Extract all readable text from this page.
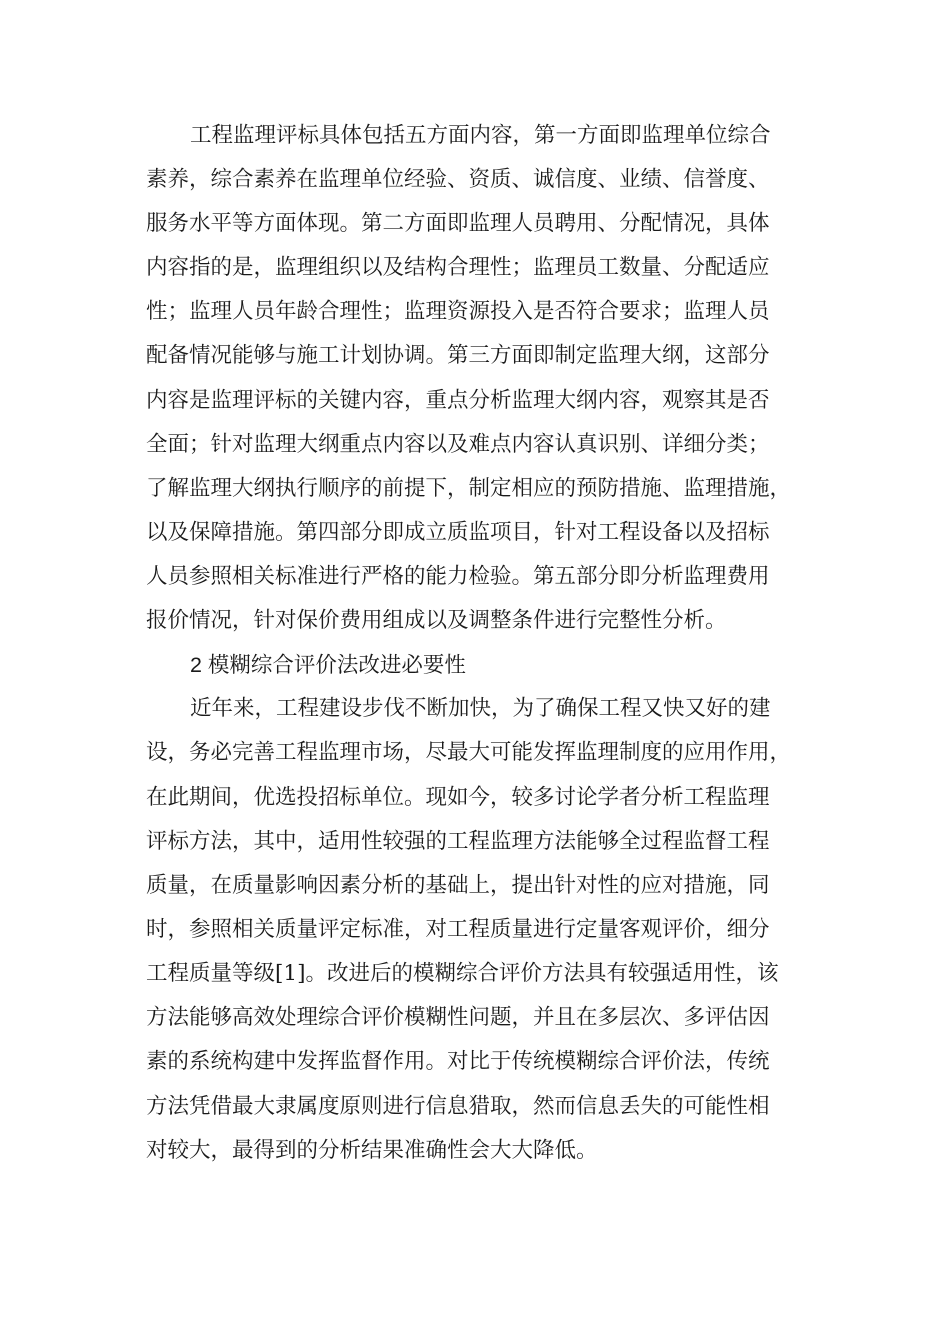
工程监理评标具体包括五方面内容，第一方面即监理单位综合

素养，综合素养在监理单位经验、资质、诚信度、业绩、信誉度、

服务水平等方面体现。第二方面即监理人员聘用、分配情况，具体

内容指的是，监理组织以及结构合理性；监理员工数量、分配适应

性；监理人员年龄合理性；监理资源投入是否符合要求；监理人员

配备情况能够与施工计划协调。第三方面即制定监理大纲，这部分

内容是监理评标的关键内容，重点分析监理大纲内容，观察其是否

全面；针对监理大纲重点内容以及难点内容认真识别、详细分类；

了解监理大纲执行顺序的前提下，制定相应的预防措施、监理措施，

以及保障措施。第四部分即成立质监项目，针对工程设备以及招标

人员参照相关标准进行严格的能力检验。第五部分即分析监理费用

报价情况，针对保价费用组成以及调整条件进行完整性分析。

2 模糊综合评价法改进必要性

近年来，工程建设步伐不断加快，为了确保工程又快又好的建

设，务必完善工程监理市场，尽最大可能发挥监理制度的应用作用，

在此期间，优选投招标单位。现如今，较多讨论学者分析工程监理

评标方法，其中，适用性较强的工程监理方法能够全过程监督工程

质量，在质量影响因素分析的基础上，提出针对性的应对措施，同

时，参照相关质量评定标准，对工程质量进行定量客观评价，细分

工程质量等级[1]。改进后的模糊综合评价方法具有较强适用性，该

方法能够高效处理综合评价模糊性问题，并且在多层次、多评估因

素的系统构建中发挥监督作用。对比于传统模糊综合评价法，传统

方法凭借最大隶属度原则进行信息猎取，然而信息丢失的可能性相

对较大，最得到的分析结果准确性会大大降低。
